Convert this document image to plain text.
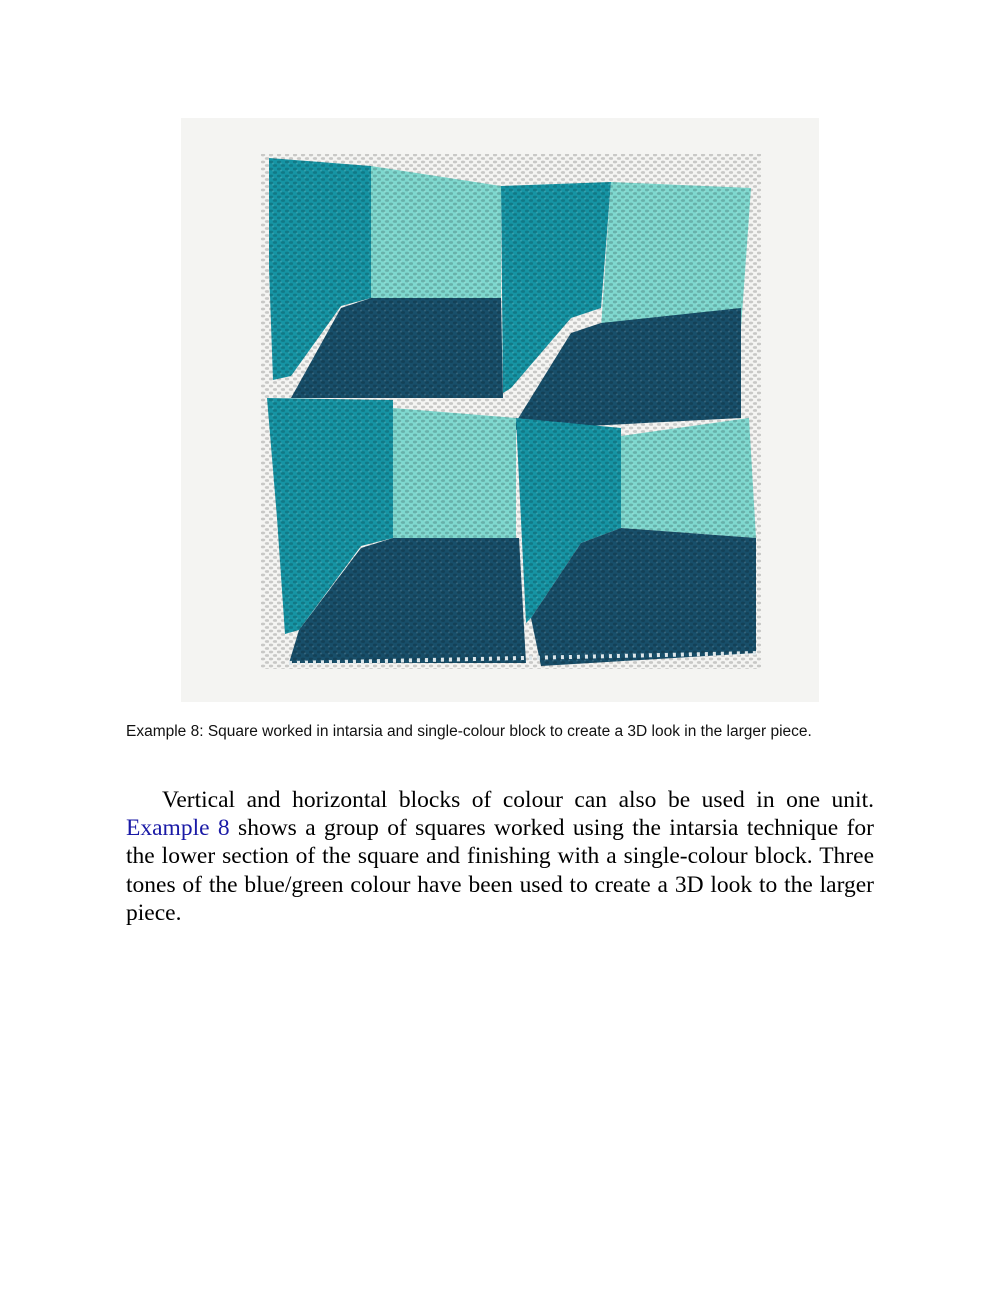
Example 8: Square worked in intarsia and single-colour block to create a 3D look in the larger piece.

Vertical and horizontal blocks of colour can also be used in one unit. Example 8 shows a group of squares worked using the intarsia technique for the lower section of the square and finishing with a single-colour block. Three tones of the blue/green colour have been used to create a 3D look to the larger piece.
